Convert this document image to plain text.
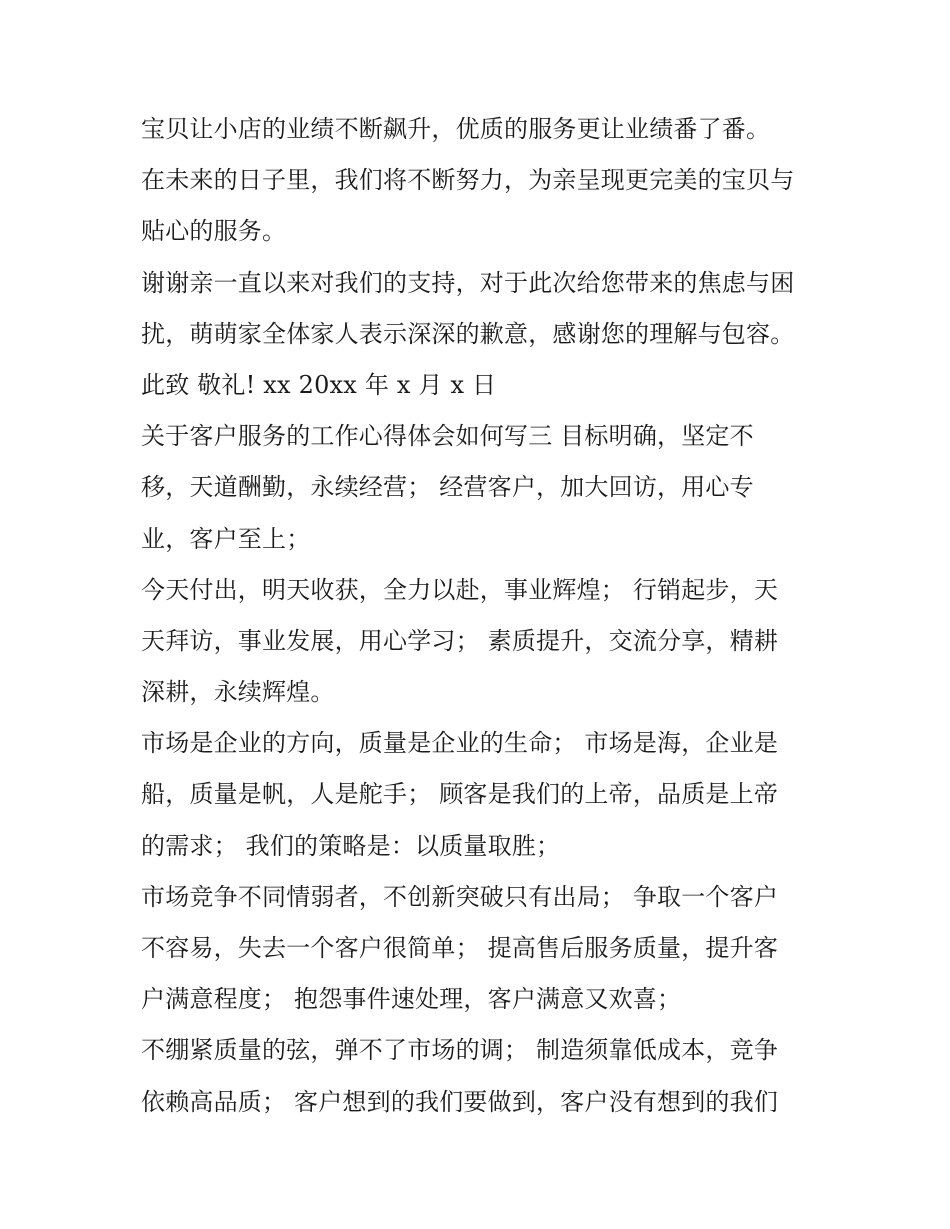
宝贝让小店的业绩不断飙升，优质的服务更让业绩番了番。
在未来的日子里，我们将不断努力，为亲呈现更完美的宝贝与
贴心的服务。
谢谢亲一直以来对我们的支持，对于此次给您带来的焦虑与困
扰，萌萌家全体家人表示深深的歉意，感谢您的理解与包容。
此致 敬礼! xx 20xx 年 x 月 x 日
关于客户服务的工作心得体会如何写三 目标明确，坚定不
移，天道酬勤，永续经营； 经营客户，加大回访，用心专
业，客户至上；
今天付出，明天收获，全力以赴，事业辉煌； 行销起步，天
天拜访，事业发展，用心学习； 素质提升，交流分享，精耕
深耕，永续辉煌。
市场是企业的方向，质量是企业的生命； 市场是海，企业是
船，质量是帆，人是舵手； 顾客是我们的上帝，品质是上帝
的需求； 我们的策略是：以质量取胜；
市场竞争不同情弱者，不创新突破只有出局； 争取一个客户
不容易，失去一个客户很简单； 提高售后服务质量，提升客
户满意程度； 抱怨事件速处理，客户满意又欢喜；
不绷紧质量的弦，弹不了市场的调； 制造须靠低成本，竞争
依赖高品质； 客户想到的我们要做到，客户没有想到的我们
